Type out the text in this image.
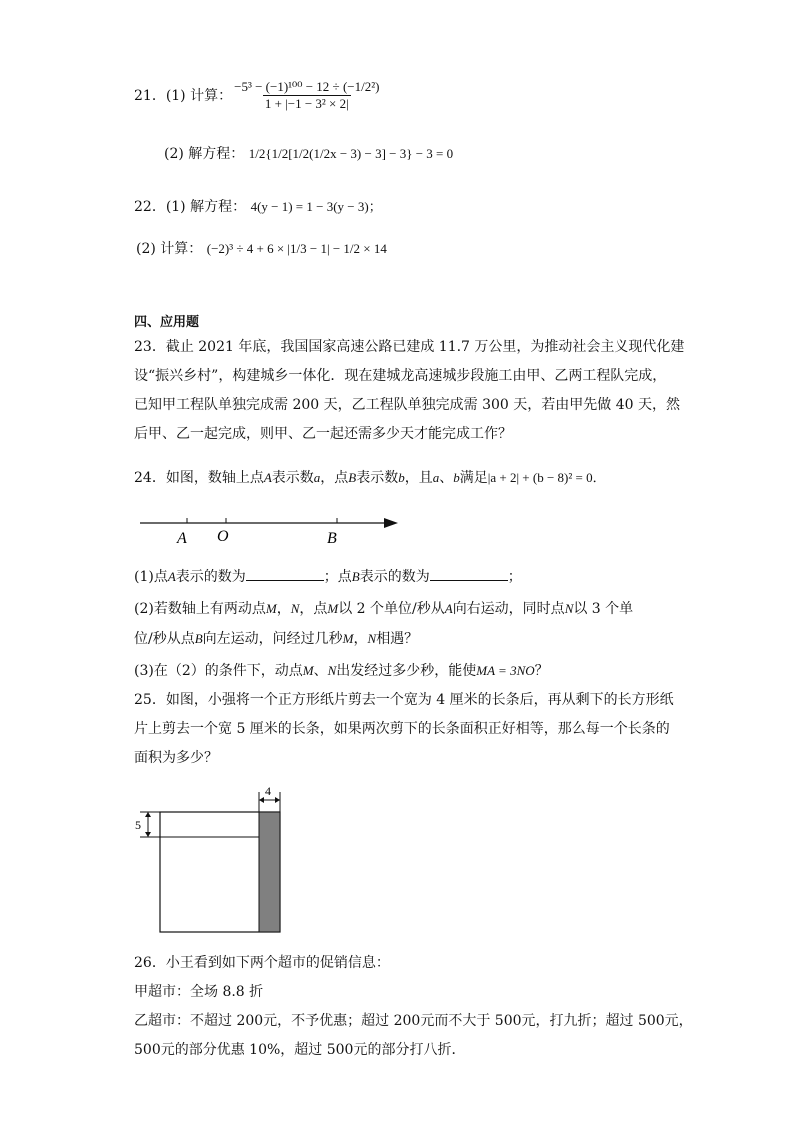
21．(1) 计算： $\frac{\text{−5³ − (−1)¹⁰⁰ − 12 ÷ (−1/2²)}}{\text{1 + |−1 − 3² × 2|}}$
(2) 解方程： 1/2{1/2[1/2(1/2x − 3) − 3] − 3} − 3 = 0
22．(1) 解方程： 4(y − 1) = 1 − 3(y − 3)；
(2) 计算： (−2)³ ÷ 4 + 6 × |1/3 − 1| − 1/2 × 14
四、应用题
23．截止 2021 年底，我国国家高速公路已建成 11.7 万公里，为推动社会主义现代化建
设“振兴乡村”，构建城乡一体化．现在建城龙高速城步段施工由甲、乙两工程队完成，
已知甲工程队单独完成需 200 天，乙工程队单独完成需 300 天，若由甲先做 40 天，然
后甲、乙一起完成，则甲、乙一起还需多少天才能完成工作？
24．如图，数轴上点A表示数a，点B表示数b，且a、b满足|a + 2| + (b − 8)² = 0．
A O	B
(1)点A表示的数为	；点B表示的数为	；
(2)若数轴上有两动点M，N，点M以 2 个单位/秒从A向右运动，同时点N以 3 个单
位/秒从点B向左运动，问经过几秒M，N相遇？
(3)在（2）的条件下，动点M、N出发经过多少秒，能使MA = 3NO？
25．如图，小强将一个正方形纸片剪去一个宽为 4 厘米的长条后，再从剩下的长方形纸
片上剪去一个宽 5 厘米的长条，如果两次剪下的长条面积正好相等，那么每一个长条的
面积为多少？
4
5
26．小王看到如下两个超市的促销信息：
甲超市：全场 8.8 折
乙超市：不超过 200元，不予优惠；超过 200元而不大于 500元，打九折；超过 500元，
500元的部分优惠 10%，超过 500元的部分打八折．
